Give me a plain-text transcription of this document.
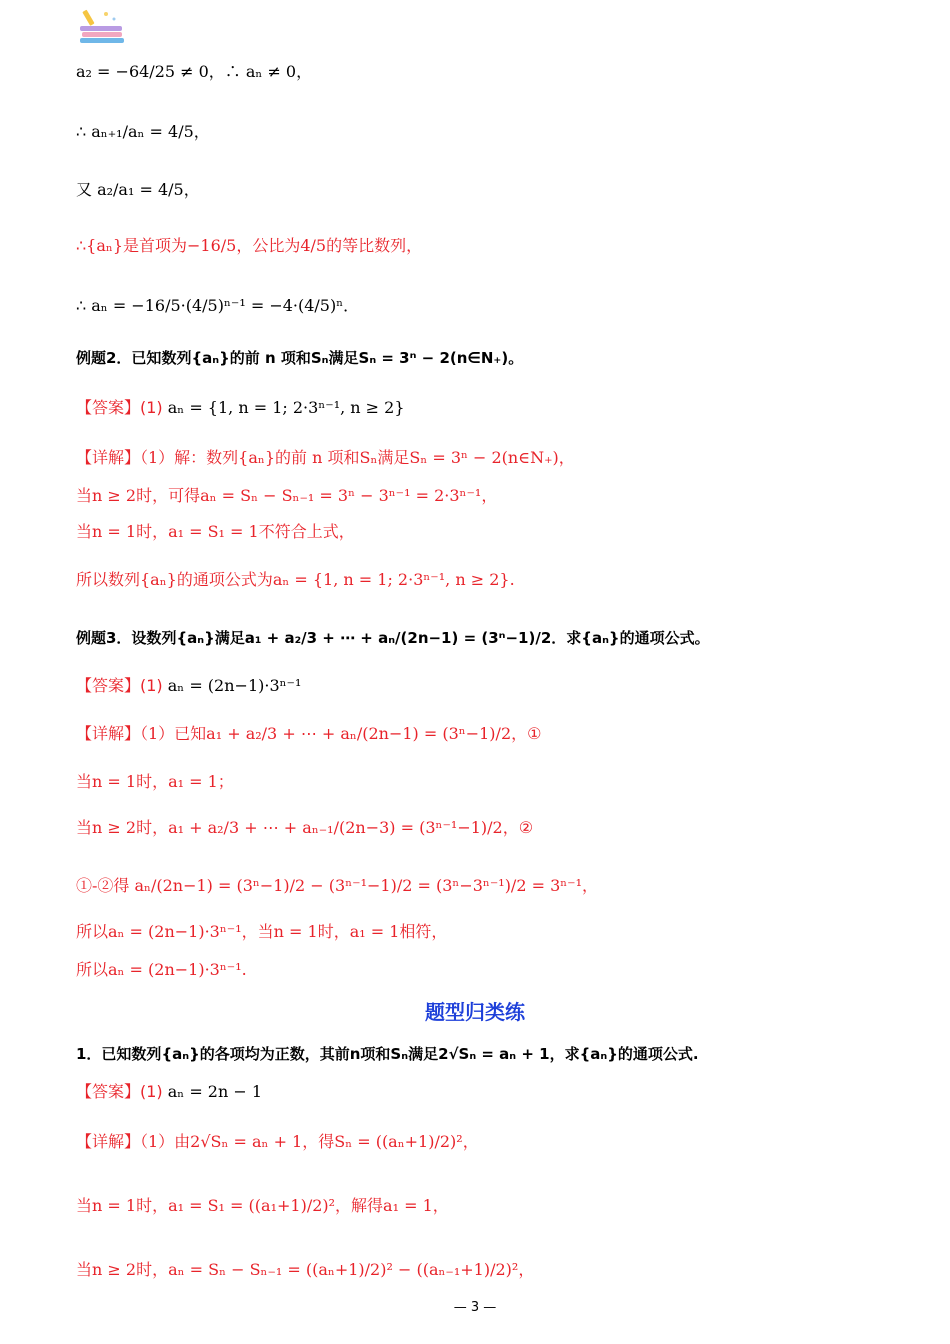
a₂ = −64/25 ≠ 0，∴ aₙ ≠ 0，
∴ aₙ₊₁/aₙ = 4/5，
又 a₂/a₁ = 4/5，
∴{aₙ}是首项为−16/5，公比为4/5的等比数列，
∴ aₙ = −16/5·(4/5)ⁿ⁻¹ = −4·(4/5)ⁿ．
例题2．已知数列{aₙ}的前 n 项和Sₙ满足Sₙ = 3ⁿ − 2(n∈N₊)。
【答案】(1) aₙ = {1, n = 1; 2·3ⁿ⁻¹, n ≥ 2}
【详解】（1）解：数列{aₙ}的前 n 项和Sₙ满足Sₙ = 3ⁿ − 2(n∈N₊)，
当n ≥ 2时，可得aₙ = Sₙ − Sₙ₋₁ = 3ⁿ − 3ⁿ⁻¹ = 2·3ⁿ⁻¹，
当n = 1时，a₁ = S₁ = 1不符合上式，
所以数列{aₙ}的通项公式为aₙ = {1, n = 1; 2·3ⁿ⁻¹, n ≥ 2}.
例题3．设数列{aₙ}满足a₁ + a₂/3 + ⋯ + aₙ/(2n−1) = (3ⁿ−1)/2．求{aₙ}的通项公式。
【答案】(1) aₙ = (2n−1)·3ⁿ⁻¹
【详解】（1）已知a₁ + a₂/3 + ⋯ + aₙ/(2n−1) = (3ⁿ−1)/2，①
当n = 1时，a₁ = 1；
当n ≥ 2时，a₁ + a₂/3 + ⋯ + aₙ₋₁/(2n−3) = (3ⁿ⁻¹−1)/2，②
①-②得 aₙ/(2n−1) = (3ⁿ−1)/2 − (3ⁿ⁻¹−1)/2 = (3ⁿ−3ⁿ⁻¹)/2 = 3ⁿ⁻¹，
所以aₙ = (2n−1)·3ⁿ⁻¹，当n = 1时，a₁ = 1相符，
所以aₙ = (2n−1)·3ⁿ⁻¹.
题型归类练
1．已知数列{aₙ}的各项均为正数，其前n项和Sₙ满足2√Sₙ = aₙ + 1，求{aₙ}的通项公式.
【答案】(1) aₙ = 2n − 1
【详解】（1）由2√Sₙ = aₙ + 1，得Sₙ = ((aₙ+1)/2)²，
当n = 1时，a₁ = S₁ = ((a₁+1)/2)²，解得a₁ = 1，
当n ≥ 2时，aₙ = Sₙ − Sₙ₋₁ = ((aₙ+1)/2)² − ((aₙ₋₁+1)/2)²，
— 3 —
